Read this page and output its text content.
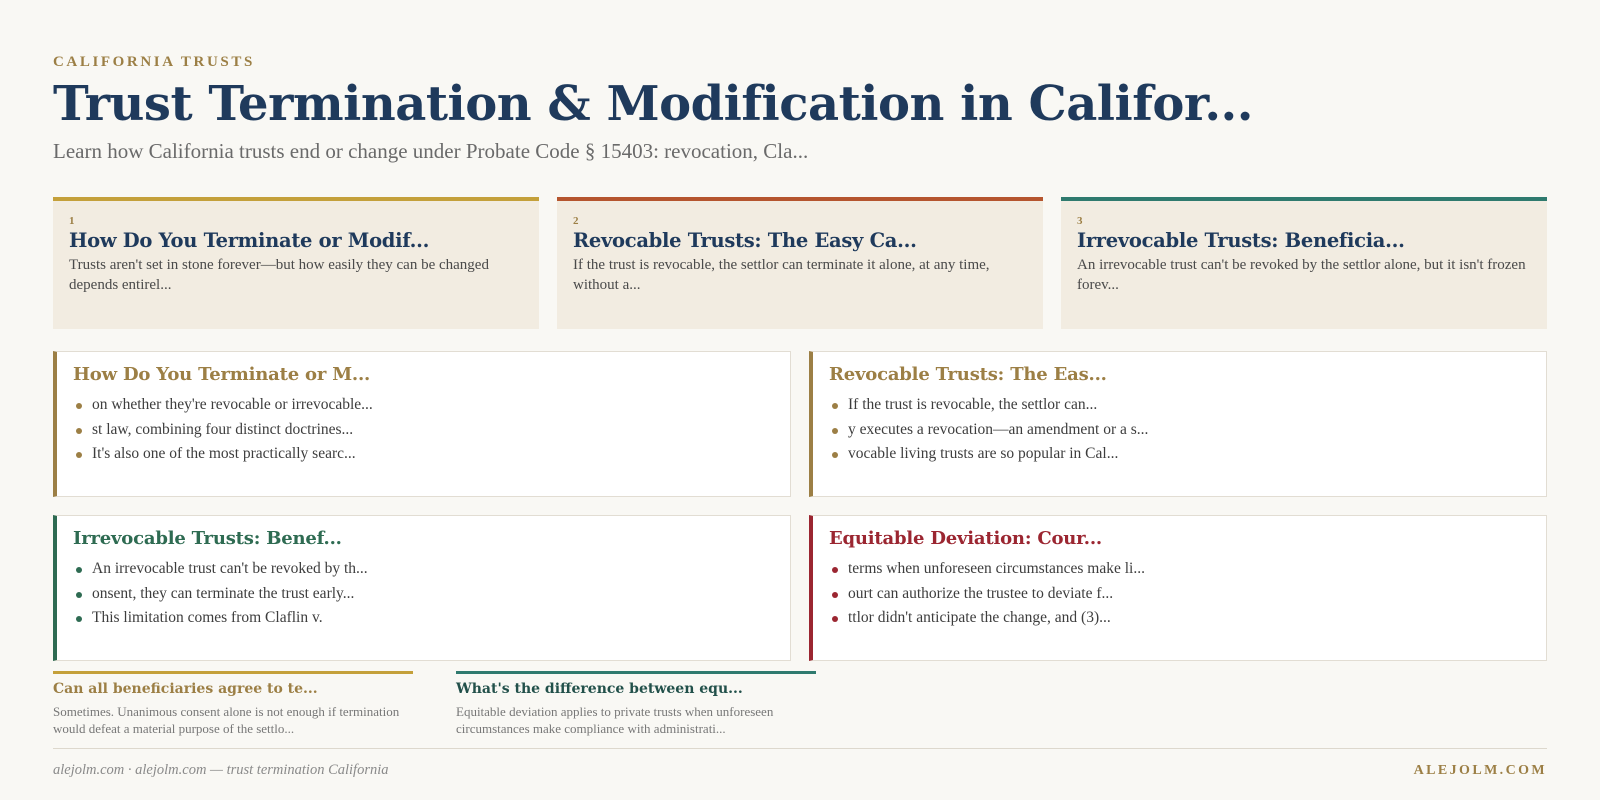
CALIFORNIA TRUSTS
Trust Termination & Modification in Califor...
Learn how California trusts end or change under Probate Code § 15403: revocation, Cla...
1
How Do You Terminate or Modif...
Trusts aren't set in stone forever—but how easily they can be changed depends entirel...
2
Revocable Trusts: The Easy Ca...
If the trust is revocable, the settlor can terminate it alone, at any time, without a...
3
Irrevocable Trusts: Beneficia...
An irrevocable trust can't be revoked by the settlor alone, but it isn't frozen forev...
How Do You Terminate or M...
on whether they're revocable or irrevocable...
st law, combining four distinct doctrines...
It's also one of the most practically searc...
Revocable Trusts: The Eas...
If the trust is revocable, the settlor can...
y executes a revocation—an amendment or a s...
vocable living trusts are so popular in Cal...
Irrevocable Trusts: Benef...
An irrevocable trust can't be revoked by th...
onsent, they can terminate the trust early...
This limitation comes from Claflin v.
Equitable Deviation: Cour...
terms when unforeseen circumstances make li...
ourt can authorize the trustee to deviate f...
ttlor didn't anticipate the change, and (3)...
Can all beneficiaries agree to te...
Sometimes. Unanimous consent alone is not enough if termination would defeat a material purpose of the settlo...
What's the difference between equ...
Equitable deviation applies to private trusts when unforeseen circumstances make compliance with administrati...
alejolm.com · alejolm.com — trust termination California	ALEJOLM.COM
